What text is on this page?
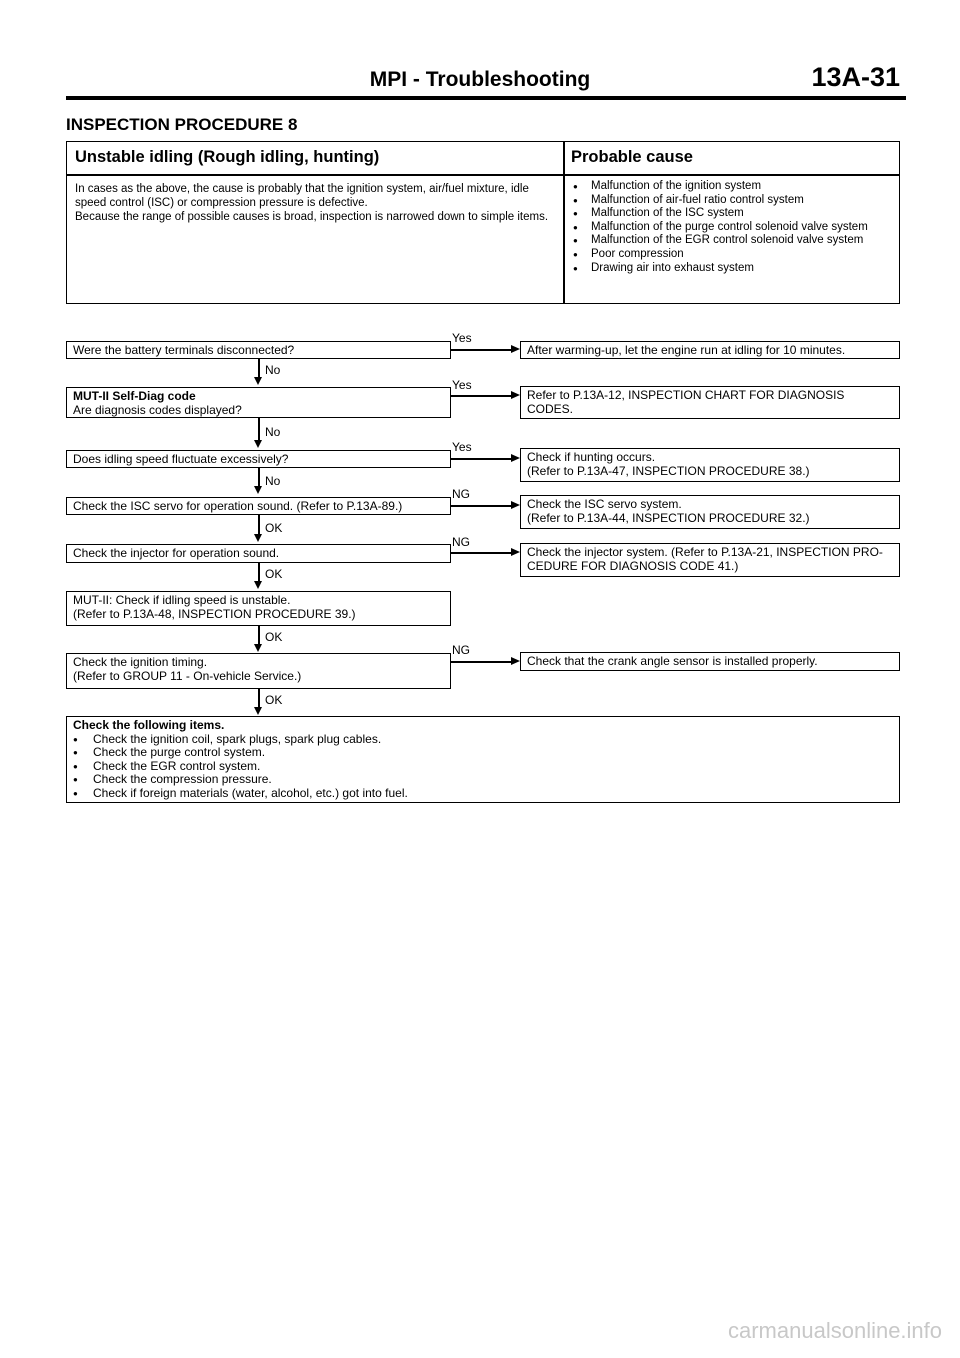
MPI - Troubleshooting	13A-31
INSPECTION PROCEDURE 8
Unstable idling (Rough idling, hunting)	Probable cause

In cases as the above, the cause is probably that the ignition system, air/fuel mixture, idle speed control (ISC) or compression pressure is defective.

Because the range of possible causes is broad, inspection is narrowed down to simple items.

● Malfunction of the ignition system
● Malfunction of air-fuel ratio control system
● Malfunction of the ISC system
● Malfunction of the purge control solenoid valve system
● Malfunction of the EGR control solenoid valve system
● Poor compression
● Drawing air into exhaust system
Were the battery terminals disconnected?
Yes
After warming-up, let the engine run at idling for 10 minutes.
No
MUT-II Self-Diag code
Are diagnosis codes displayed?
Yes
Refer to P.13A-12, INSPECTION CHART FOR DIAGNOSIS
CODES.
No
Does idling speed fluctuate excessively?
Yes
Check if hunting occurs.
(Refer to P.13A-47, INSPECTION PROCEDURE 38.)
No
Check the ISC servo for operation sound. (Refer to P.13A-89.)
NG
Check the ISC servo system.
(Refer to P.13A-44, INSPECTION PROCEDURE 32.)
OK
Check the injector for operation sound.
NG
Check the injector system. (Refer to P.13A-21, INSPECTION PRO-
CEDURE FOR DIAGNOSIS CODE 41.)
OK
MUT-II: Check if idling speed is unstable.
(Refer to P.13A-48, INSPECTION PROCEDURE 39.)
OK
Check the ignition timing.
(Refer to GROUP 11 - On-vehicle Service.)
NG
Check that the crank angle sensor is installed properly.
OK
Check the following items.
● Check the ignition coil, spark plugs, spark plug cables.
● Check the purge control system.
● Check the EGR control system.
● Check the compression pressure.
● Check if foreign materials (water, alcohol, etc.) got into fuel.
carmanualsonline.info
